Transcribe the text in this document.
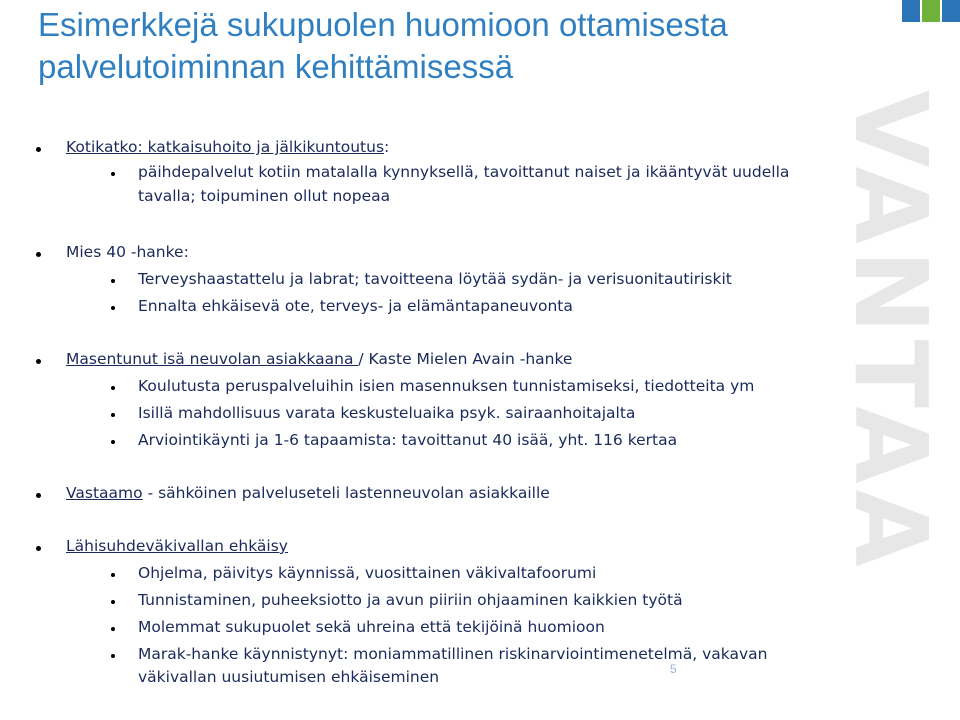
Esimerkkejä sukupuolen huomioon ottamisesta palvelutoiminnan kehittämisessä
VANTAA
Kotikatko: katkaisuhoito ja jälkikuntoutus:
päihdepalvelut kotiin matalalla kynnyksellä, tavoittanut naiset ja ikääntyvät uudella
tavalla; toipuminen ollut nopeaa
Mies 40 -hanke:
Terveyshaastattelu ja labrat; tavoitteena löytää sydän- ja verisuonitautiriskit
Ennalta ehkäisevä ote, terveys- ja elämäntapaneuvonta
Masentunut isä neuvolan asiakkaana / Kaste Mielen Avain -hanke
Koulutusta peruspalveluihin isien masennuksen tunnistamiseksi, tiedotteita ym
Isillä mahdollisuus varata keskusteluaika psyk. sairaanhoitajalta
Arviointikäynti ja 1-6 tapaamista: tavoittanut 40 isää, yht. 116 kertaa
Vastaamo - sähköinen palveluseteli lastenneuvolan asiakkaille
Lähisuhdeväkivallan ehkäisy
Ohjelma, päivitys käynnissä, vuosittainen väkivaltafoorumi
Tunnistaminen, puheeksiotto ja avun piiriin ohjaaminen kaikkien työtä
Molemmat sukupuolet sekä uhreina että tekijöinä huomioon
Marak-hanke käynnistynyt: moniammatillinen riskinarviointimenetelmä, vakavan
väkivallan uusiutumisen ehkäiseminen	5
